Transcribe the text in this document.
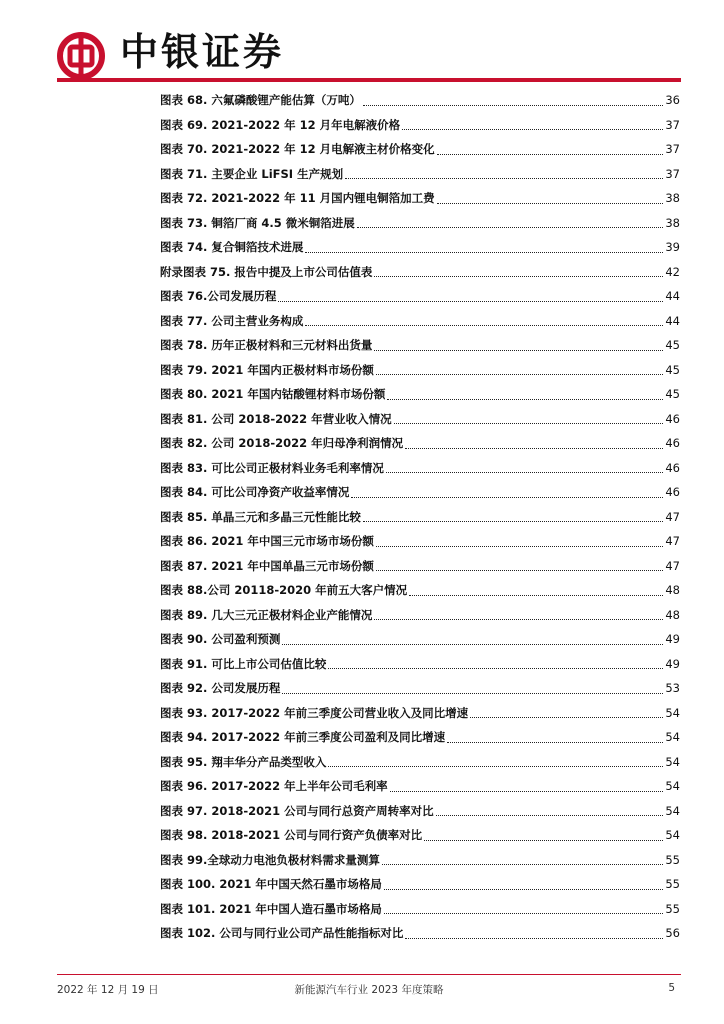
中银证券
图表 68. 六氟磷酸锂产能估算（万吨）	36
图表 69. 2021-2022 年 12 月年电解液价格	37
图表 70. 2021-2022 年 12 月电解液主材价格变化	37
图表 71. 主要企业 LiFSI 生产规划	37
图表 72. 2021-2022 年 11 月国内锂电铜箔加工费	38
图表 73. 铜箔厂商 4.5 微米铜箔进展	38
图表 74. 复合铜箔技术进展	39
附录图表 75. 报告中提及上市公司估值表	42
图表 76.公司发展历程	44
图表 77. 公司主营业务构成	44
图表 78. 历年正极材料和三元材料出货量	45
图表 79. 2021 年国内正极材料市场份额	45
图表 80. 2021 年国内钴酸锂材料市场份额	45
图表 81. 公司 2018-2022 年营业收入情况	46
图表 82. 公司 2018-2022 年归母净利润情况	46
图表 83. 可比公司正极材料业务毛利率情况	46
图表 84. 可比公司净资产收益率情况	46
图表 85. 单晶三元和多晶三元性能比较	47
图表 86. 2021 年中国三元市场市场份额	47
图表 87. 2021 年中国单晶三元市场份额	47
图表 88.公司 20118-2020 年前五大客户情况	48
图表 89. 几大三元正极材料企业产能情况	48
图表 90. 公司盈利预测	49
图表 91. 可比上市公司估值比较	49
图表 92. 公司发展历程	53
图表 93. 2017-2022 年前三季度公司营业收入及同比增速	54
图表 94. 2017-2022 年前三季度公司盈利及同比增速	54
图表 95. 翔丰华分产品类型收入	54
图表 96. 2017-2022 年上半年公司毛利率	54
图表 97. 2018-2021 公司与同行总资产周转率对比	54
图表 98. 2018-2021 公司与同行资产负债率对比	54
图表 99.全球动力电池负极材料需求量测算	55
图表 100. 2021 年中国天然石墨市场格局	55
图表 101. 2021 年中国人造石墨市场格局	55
图表 102. 公司与同行业公司产品性能指标对比	56
2022 年 12 月 19 日	新能源汽车行业 2023 年度策略	5
